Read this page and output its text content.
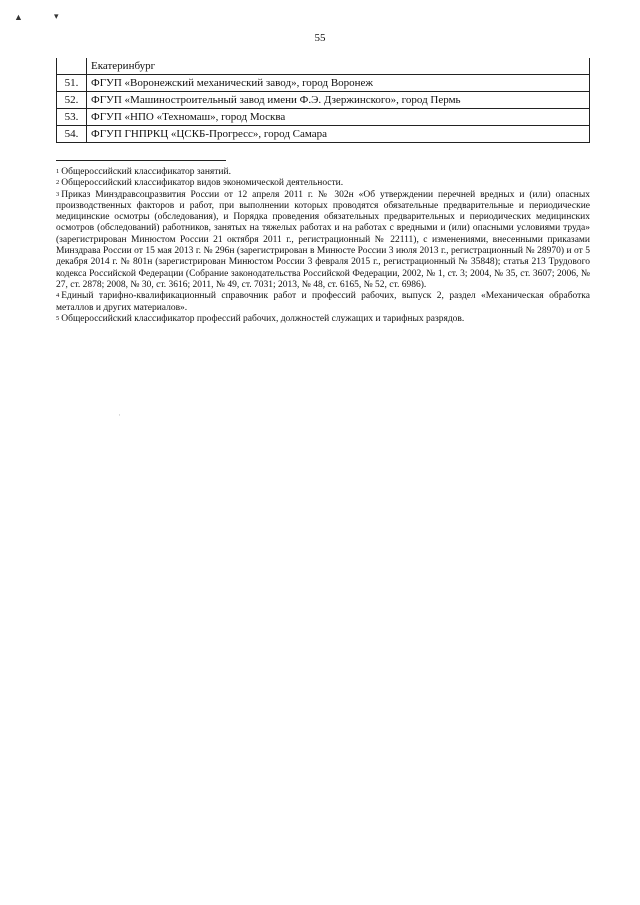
▲	▾
·
55
	Екатеринбург
51.	ФГУП «Воронежский механический завод», город Воронеж
52.	ФГУП «Машиностроительный завод имени Ф.Э. Дзержинского», город Пермь
53.	ФГУП «НПО «Техномаш», город Москва
54.	ФГУП ГНПРКЦ «ЦСКБ-Прогресс», город Самара

$^1$ Общероссийский классификатор занятий.

$^2$ Общероссийский классификатор видов экономической деятельности.

$^3$ Приказ Минздравсоцразвития России от 12 апреля 2011 г. № 302н «Об утверждении перечней вредных и (или) опасных производственных факторов и работ, при выполнении которых проводятся обязательные предварительные и периодические медицинские осмотры (обследования), и Порядка проведения обязательных предварительных и периодических медицинских осмотров (обследований) работников, занятых на тяжелых работах и на работах с вредными и (или) опасными условиями труда» (зарегистрирован Минюстом России 21 октября 2011 г., регистрационный № 22111), с изменениями, внесенными приказами Минздрава России от 15 мая 2013 г. № 296н (зарегистрирован в Минюсте России 3 июля 2013 г., регистрационный № 28970) и от 5 декабря 2014 г. № 801н (зарегистрирован Минюстом России 3 февраля 2015 г., регистрационный № 35848); статья 213 Трудового кодекса Российской Федерации (Собрание законодательства Российской Федерации, 2002, № 1, ст. 3; 2004, № 35, ст. 3607; 2006, № 27, ст. 2878; 2008, № 30, ст. 3616; 2011, № 49, ст. 7031; 2013, № 48, ст. 6165, № 52, ст. 6986).

$^4$ Единый тарифно-квалификационный справочник работ и профессий рабочих, выпуск 2, раздел «Механическая обработка металлов и других материалов».

$^5$ Общероссийский классификатор профессий рабочих, должностей служащих и тарифных разрядов.
